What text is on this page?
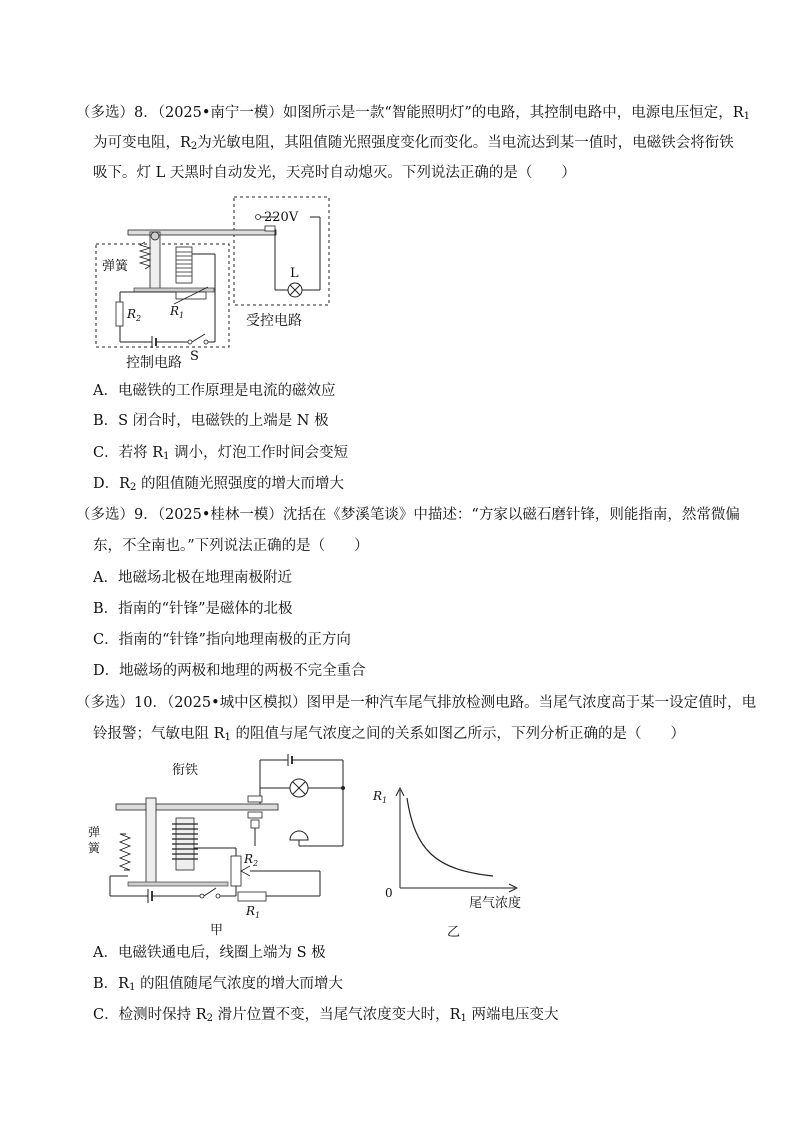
（多选）8．（2025•南宁一模）如图所示是一款“智能照明灯”的电路，其控制电路中，电源电压恒定，$R_1$
为可变电阻，$R_2$为光敏电阻，其阻值随光照强度变化而变化。当电流达到某一值时，电磁铁会将衔铁
吸下。灯 L 天黑时自动发光，天亮时自动熄灭。下列说法正确的是（　　）
弹簧
220V
L
$R_1$
$R_2$
S
受控电路
控制电路
A．电磁铁的工作原理是电流的磁效应
B．S 闭合时，电磁铁的上端是 N 极
C．若将 $R_1$ 调小，灯泡工作时间会变短
D．$R_2$ 的阻值随光照强度的增大而增大
（多选）9．（2025•桂林一模）沈括在《梦溪笔谈》中描述：“方家以磁石磨针锋，则能指南，然常微偏
东，不全南也。”下列说法正确的是（　　）
A．地磁场北极在地理南极附近
B．指南的“针锋”是磁体的北极
C．指南的“针锋”指向地理南极的正方向
D．地磁场的两极和地理的两极不完全重合
（多选）10．（2025•城中区模拟）图甲是一种汽车尾气排放检测电路。当尾气浓度高于某一设定值时，电
铃报警；气敏电阻 $R_1$ 的阻值与尾气浓度之间的关系如图乙所示，下列分析正确的是（　　）
衔铁
弹
簧
$R_2$
$R_1$
甲
$R_1$
0
尾气浓度
乙
A．电磁铁通电后，线圈上端为 S 极
B．$R_1$ 的阻值随尾气浓度的增大而增大
C．检测时保持 $R_2$ 滑片位置不变，当尾气浓度变大时，$R_1$ 两端电压变大
